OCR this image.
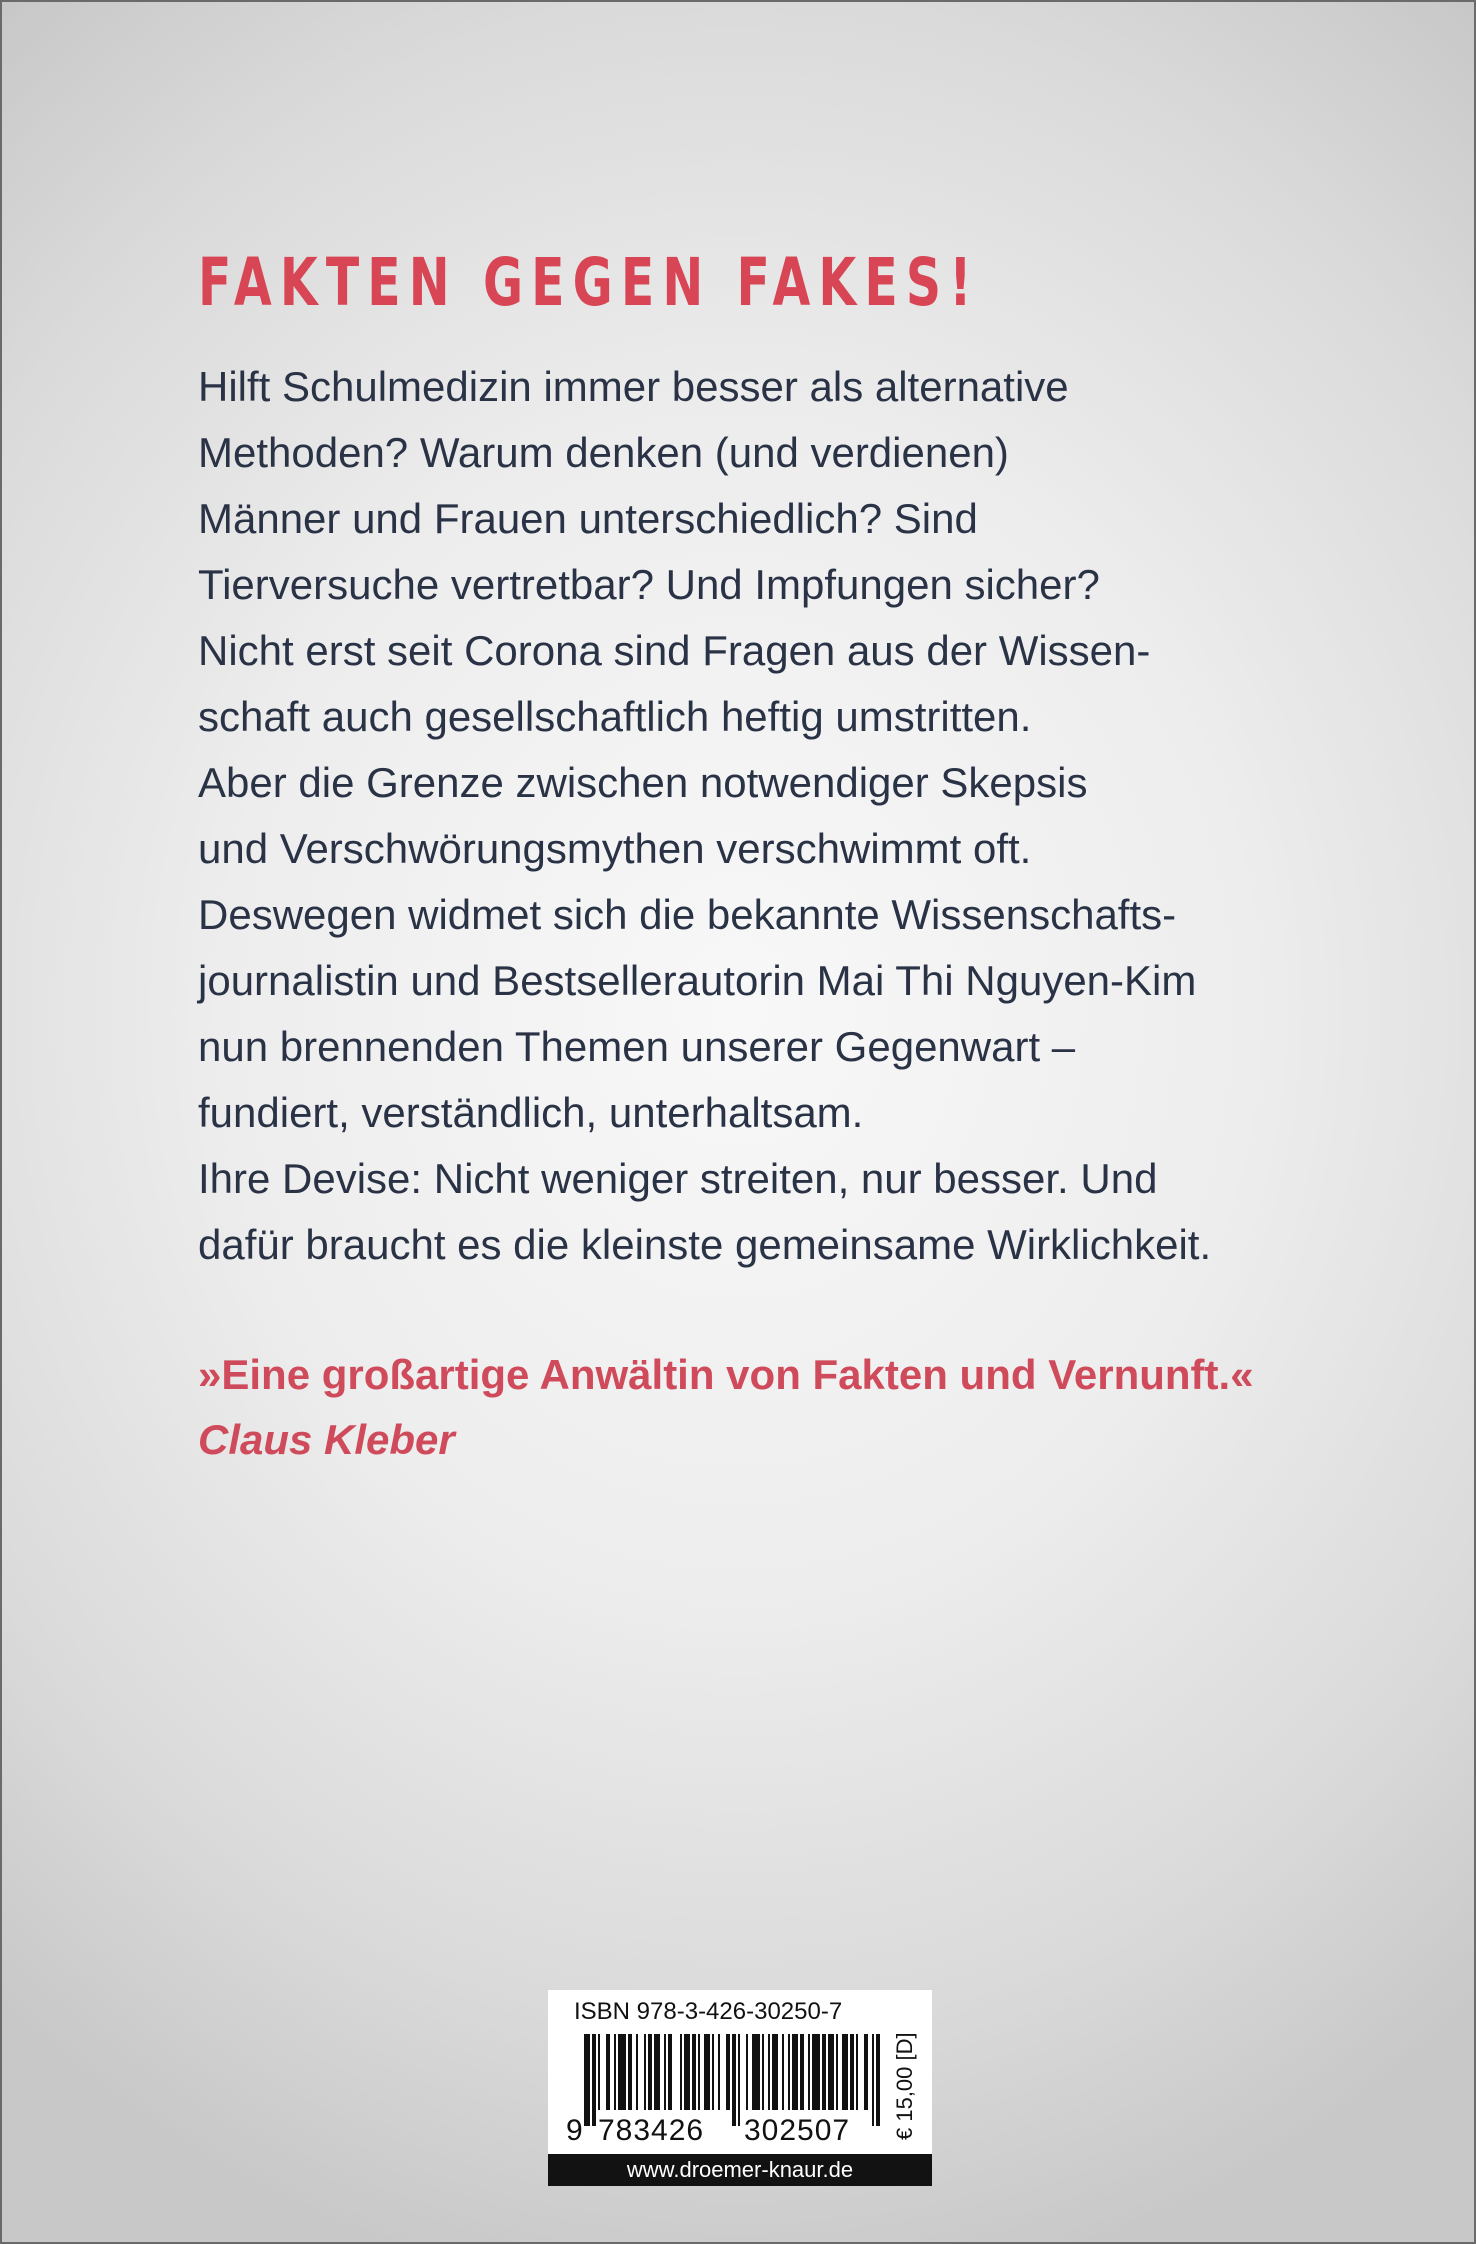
FAKTEN GEGEN FAKES!
Hilft Schulmedizin immer besser als alternative
Methoden? Warum denken (und verdienen)
Männer und Frauen unterschiedlich? Sind
Tierversuche vertretbar? Und Impfungen sicher?
Nicht erst seit Corona sind Fragen aus der Wissen-
schaft auch gesellschaftlich heftig umstritten.
Aber die Grenze zwischen notwendiger Skepsis
und Verschwörungsmythen verschwimmt oft.
Deswegen widmet sich die bekannte Wissenschafts-
journalistin und Bestsellerautorin Mai Thi Nguyen-Kim
nun brennenden Themen unserer Gegenwart –
fundiert, verständlich, unterhaltsam.
Ihre Devise: Nicht weniger streiten, nur besser. Und
dafür braucht es die kleinste gemeinsame Wirklichkeit.

»Eine großartige Anwältin von Fakten und Vernunft.«

Claus Kleber

ISBN 978-3-426-30250-7
9 783426 302507 € 15,00 [D]
www.droemer-knaur.de
